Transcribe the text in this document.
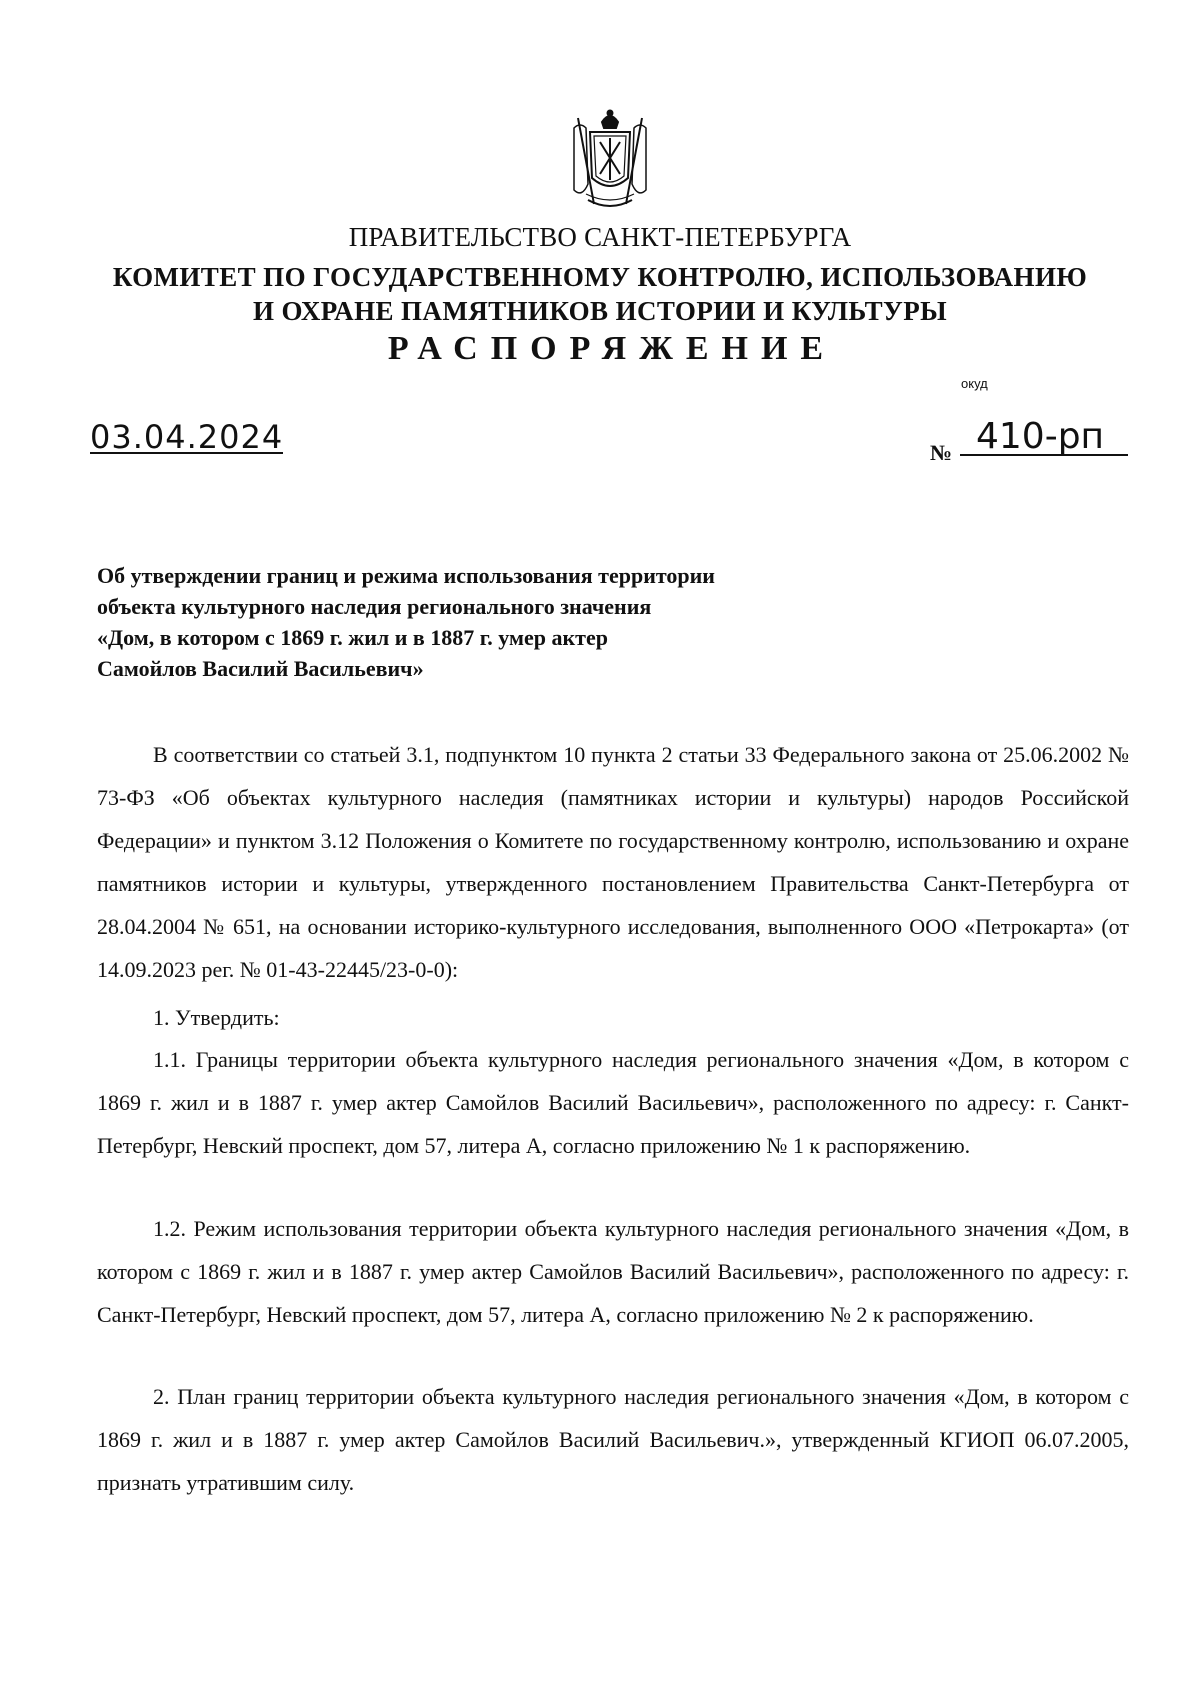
ПРАВИТЕЛЬСТВО САНКТ-ПЕТЕРБУРГА
КОМИТЕТ ПО ГОСУДАРСТВЕННОМУ КОНТРОЛЮ, ИСПОЛЬЗОВАНИЮ
И ОХРАНЕ ПАМЯТНИКОВ ИСТОРИИ И КУЛЬТУРЫ
РАСПОРЯЖЕНИЕ
окуд
03.04.2024	№ 410-рп
Об утверждении границ и режима использования территории
объекта культурного наследия регионального значения
«Дом, в котором с 1869 г. жил и в 1887 г. умер актер
Самойлов Василий Васильевич»

В соответствии со статьей 3.1, подпунктом 10 пункта 2 статьи 33 Федерального закона от 25.06.2002 № 73-ФЗ «Об объектах культурного наследия (памятниках истории и культуры) народов Российской Федерации» и пунктом 3.12 Положения о Комитете по государственному контролю, использованию и охране памятников истории и культуры, утвержденного постановлением Правительства Санкт-Петербурга от 28.04.2004 № 651, на основании историко-культурного исследования, выполненного ООО «Петрокарта» (от 14.09.2023 рег. № 01-43-22445/23-0-0):

1. Утвердить:

1.1. Границы территории объекта культурного наследия регионального значения «Дом, в котором с 1869 г. жил и в 1887 г. умер актер Самойлов Василий Васильевич», расположенного по адресу: г. Санкт-Петербург, Невский проспект, дом 57, литера А, согласно приложению № 1 к распоряжению.

1.2. Режим использования территории объекта культурного наследия регионального значения «Дом, в котором с 1869 г. жил и в 1887 г. умер актер Самойлов Василий Васильевич», расположенного по адресу: г. Санкт-Петербург, Невский проспект, дом 57, литера А, согласно приложению № 2 к распоряжению.

2. План границ территории объекта культурного наследия регионального значения «Дом, в котором с 1869 г. жил и в 1887 г. умер актер Самойлов Василий Васильевич.», утвержденный КГИОП 06.07.2005, признать утратившим силу.
